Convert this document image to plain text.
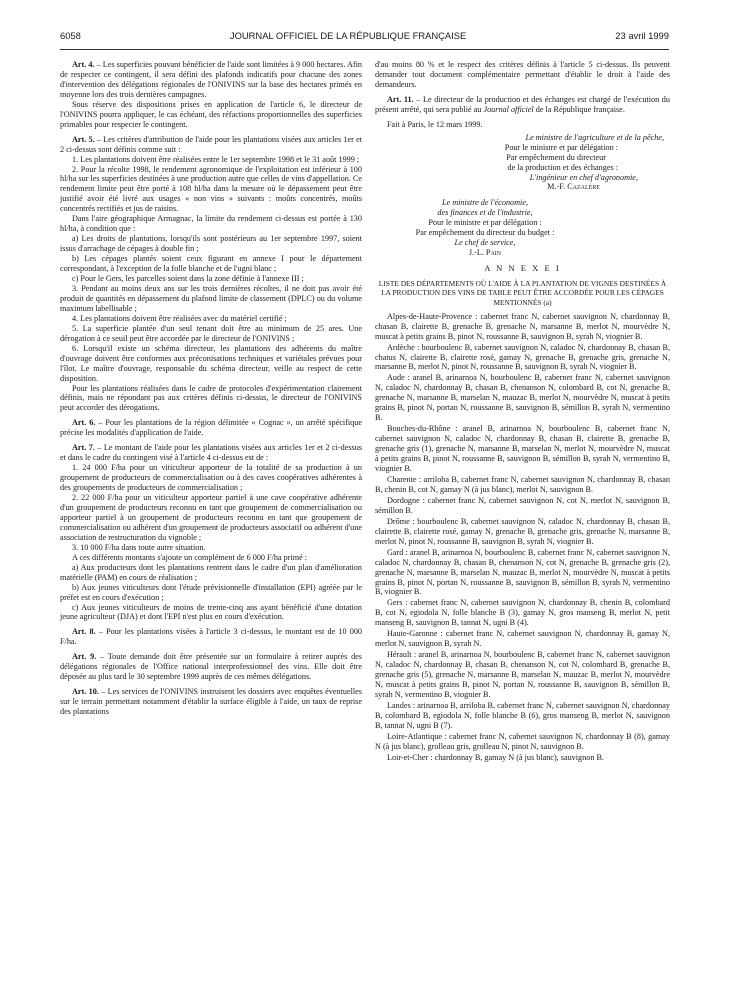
6058	JOURNAL OFFICIEL DE LA RÉPUBLIQUE FRANÇAISE	23 avril 1999

Art. 4. – Les superficies pouvant bénéficier de l'aide sont limitées à 9 000 hectares. Afin de respecter ce contingent, il sera défini des plafonds indicatifs pour chacune des zones d'intervention des délégations régionales de l'ONIVINS sur la base des hectares primés en moyenne lors des trois dernières campagnes.

Sous réserve des dispositions prises en application de l'article 6, le directeur de l'ONIVINS pourra appliquer, le cas échéant, des réfactions proportionnelles des superficies primables pour respecter le contingent.

Art. 5. – Les critères d'attribution de l'aide pour les plantations visées aux articles 1er et 2 ci-dessus sont définis comme suit :

1. Les plantations doivent être réalisées entre le 1er septembre 1998 et le 31 août 1999 ;

2. Pour la récolte 1998, le rendement agronomique de l'exploitation est inférieur à 100 hl/ha sur les superficies destinées à une production autre que celles de vins d'appellation. Ce rendement limite peut être porté à 108 hl/ha dans la mesure où le dépassement peut être justifié avoir été livré aux usages « non vins » suivants : moûts concentrés, moûts concentrés rectifiés et jus de raisins.

Dans l'aire géographique Armagnac, la limite du rendement ci-dessus est portée à 130 hl/ha, à condition que :

a) Les droits de plantations, lorsqu'ils sont postérieurs au 1er septembre 1997, soient issus d'arrachage de cépages à double fin ;

b) Les cépages plantés soient ceux figurant en annexe I pour le département correspondant, à l'exception de la folle blanche et de l'ugni blanc ;

c) Pour le Gers, les parcelles soient dans la zone définie à l'annexe III ;

3. Pendant au moins deux ans sur les trois dernières récoltes, il ne doit pas avoir été produit de quantités en dépassement du plafond limite de classement (DPLC) ou du volume maximum labellisable ;

4. Les plantations doivent être réalisées avec du matériel certifié ;

5. La superficie plantée d'un seul tenant doit être au minimum de 25 ares. Une dérogation à ce seuil peut être accordée par le directeur de l'ONIVINS ;

6. Lorsqu'il existe un schéma directeur, les plantations des adhérents du maître d'ouvrage doivent être conformes aux préconisations techniques et variétales prévues pour l'îlot. Le maître d'ouvrage, responsable du schéma directeur, veille au respect de cette disposition.

Pour les plantations réalisées dans le cadre de protocoles d'expérimentation clairement définis, mais ne répondant pas aux critères définis ci-dessus, le directeur de l'ONIVINS peut accorder des dérogations.

Art. 6. – Pour les plantations de la région délimitée « Cognac », un arrêté spécifique précise les modalités d'application de l'aide.

Art. 7. – Le montant de l'aide pour les plantations visées aux articles 1er et 2 ci-dessus et dans le cadre du contingent visé à l'article 4 ci-dessus est de :

1. 24 000 F/ha pour un viticulteur apporteur de la totalité de sa production à un groupement de producteurs de commercialisation ou à des caves coopératives adhérentes à des groupements de producteurs de commercialisation ;

2. 22 000 F/ha pour un viticulteur apporteur partiel à une cave coopérative adhérente d'un groupement de producteurs reconnu en tant que groupement de commercialisation ou apporteur partiel à un groupement de producteurs reconnu en tant que groupement de commercialisation ou adhérent d'un groupement de producteurs associatif ou adhérent d'une association de restructuration du vignoble ;

3. 10 000 F/ha dans toute autre situation.

A ces différents montants s'ajoute un complément de 6 000 F/ha primé :

a) Aux producteurs dont les plantations rentrent dans le cadre d'un plan d'amélioration matérielle (PAM) en cours de réalisation ;

b) Aux jeunes viticulteurs dont l'étude prévisionnelle d'installation (EPI) agréée par le préfet est en cours d'exécution ;

c) Aux jeunes viticulteurs de moins de trente-cinq ans ayant bénéficié d'une dotation jeune agriculteur (DJA) et dont l'EPI n'est plus en cours d'exécution.

Art. 8. – Pour les plantations visées à l'article 3 ci-dessus, le montant est de 10 000 F/ha.

Art. 9. – Toute demande doit être présentée sur un formulaire à retirer auprès des délégations régionales de l'Office national interprofessionnel des vins. Elle doit être déposée au plus tard le 30 septembre 1999 auprès de ces mêmes délégations.

Art. 10. – Les services de l'ONIVINS instruisent les dossiers avec enquêtes éventuelles sur le terrain permettant notamment d'établir la surface éligible à l'aide, un taux de reprise des plantations

d'au moins 80 % et le respect des critères définis à l'article 5 ci-dessus. Ils peuvent demander tout document complémentaire permettant d'établir le droit à l'aide des demandeurs.

Art. 11. – Le directeur de la production et des échanges est chargé de l'exécution du présent arrêté, qui sera publié au Journal officiel de la République française.

Fait à Paris, le 12 mars 1999.

Le ministre de l'agriculture et de la pêche,
Pour le ministre et par délégation :
Par empêchement du directeur
de la production et des échanges :
L'ingénieur en chef d'agronomie,
M.-F. Cazalère
Le ministre de l'économie,
des finances et de l'industrie,
Pour le ministre et par délégation :
Par empêchement du directeur du budget :
Le chef de service,
J.-L. Pain

A N N E X E I

LISTE DES DÉPARTEMENTS OÙ L'AIDE À LA PLANTATION DE VIGNES DESTINÉES À LA PRODUCTION DES VINS DE TABLE PEUT ÊTRE ACCORDÉE POUR LES CÉPAGES MENTIONNÉS (a)

Alpes-de-Haute-Provence : cabernet franc N, cabernet sauvignon N, chardonnay B, chasan B, clairette B, grenache B, grenache N, marsanne B, merlot N, mourvèdre N, muscat à petits grains B, pinot N, roussanne B, sauvignon B, syrah N, viognier B.

Ardèche : bourboulenc B, cabernet sauvignon N, caladoc N, chardonnay B, chasan B, chatus N, clairette B, clairette rosé, gamay N, grenache B, grenache gris, grenache N, marsanne B, merlot N, pinot N, roussanne B, sauvignon B, syrah N, viognier B.

Aude : aranel B, arinarnoa N, bourboulenc B, cabernet franc N, cabernet sauvignon N, caladoc N, chardonnay B, chasan B, chenanson N, colombard B, cot N, grenache B, grenache N, marsanne B, marselan N, mauzac B, merlot N, mourvèdre N, muscat à petits grains B, pinot N, portan N, roussanne B, sauvignon B, sémillon B, syrah N, vermentino B.

Bouches-du-Rhône : aranel B, arinarnoa N, bourboulenc B, cabernet franc N, cabernet sauvignon N, caladoc N, chardonnay B, chasan B, clairette B, grenache B, grenache gris (1), grenache N, marsanne B, marselan N, merlot N, mourvèdre N, muscat à petits grains B, pinot N, roussanne B, sauvignon B, sémillon B, syrah N, vermentino B, viognier B.

Charente : arriloba B, cabernet franc N, cabernet sauvignon N, chardonnay B, chasan B, chenin B, cot N, gamay N (à jus blanc), merlot N, sauvignon B.

Dordogne : cabernet franc N, cabernet sauvignon N, cot N, merlot N, sauvignon B, sémillon B.

Drôme : bourboulenc B, cabernet sauvignon N, caladoc N, chardonnay B, chasan B, clairette B, clairette rosé, gamay N, grenache B, grenache gris, grenache N, marsanne B, merlot N, pinot N, roussanne B, sauvignon B, syrah N, viognier B.

Gard : aranel B, arinarnoa N, bourboulenc B, cabernet franc N, cabernet sauvignon N, caladoc N, chardonnay B, chasan B, chenanson N, cot N, grenache B, grenache gris (2), grenache N, marsanne B, marselan N, mauzac B, merlot N, mourvèdre N, muscat à petits grains B, pinot N, portan N, roussanne B, sauvignon B, sémillon B, syrah N, vermentino B, viognier B.

Gers : cabernet franc N, cabernet sauvignon N, chardonnay B, chenin B, colombard B, cot N, egiodola N, folle blanche B (3), gamay N, gros manseng B, merlot N, petit manseng B, sauvignon B, tannat N, ugni B (4).

Haute-Garonne : cabernet franc N, cabernet sauvignon N, chardonnay B, gamay N, merlot N, sauvignon B, syrah N.

Hérault : aranel B, arinarnoa N, bourboulenc B, cabernet franc N, cabernet sauvignon N, caladoc N, chardonnay B, chasan B, chenanson N, cot N, colombard B, grenache B, grenache gris (5), grenache N, marsanne B, marselan N, mauzac B, merlot N, mourvèdre N, muscat à petits grains B, pinot N, portan N, roussanne B, sauvignon B, sémillon B, syrah N, vermentino B, viognier B.

Landes : arinarnoa B, arriloba B, cabernet franc N, cabernet sauvignon N, chardonnay B, colombard B, egiodola N, folle blanche B (6), gros manseng B, merlot N, sauvignon B, tannat N, ugni B (7).

Loire-Atlantique : cabernet franc N, cabernet sauvignon N, chardonnay B (8), gamay N (à jus blanc), grolleau gris, grolleau N, pinot N, sauvignon B.

Loir-et-Cher : chardonnay B, gamay N (à jus blanc), sauvignon B.
